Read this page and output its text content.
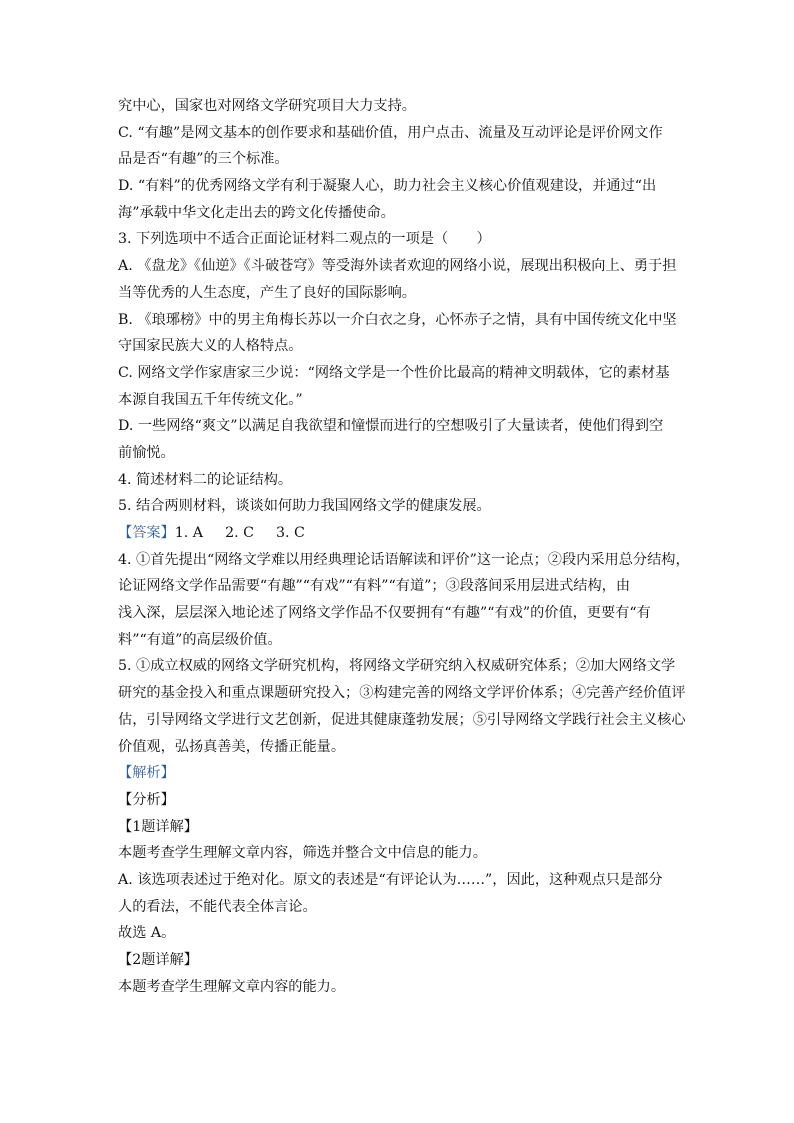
究中心，国家也对网络文学研究项目大力支持。

C. “有趣”是网文基本的创作要求和基础价值，用户点击、流量及互动评论是评价网文作

品是否“有趣”的三个标准。

D. “有料”的优秀网络文学有利于凝聚人心，助力社会主义核心价值观建设，并通过“出

海”承载中华文化走出去的跨文化传播使命。

3. 下列选项中不适合正面论证材料二观点的一项是（　　）

A. 《盘龙》《仙逆》《斗破苍穹》等受海外读者欢迎的网络小说，展现出积极向上、勇于担

当等优秀的人生态度，产生了良好的国际影响。

B. 《琅琊榜》中的男主角梅长苏以一介白衣之身，心怀赤子之情，具有中国传统文化中坚

守国家民族大义的人格特点。

C. 网络文学作家唐家三少说：“网络文学是一个性价比最高的精神文明载体，它的素材基

本源自我国五千年传统文化。”

D. 一些网络“爽文”以满足自我欲望和憧憬而进行的空想吸引了大量读者，使他们得到空

前愉悦。

4. 简述材料二的论证结构。

5. 结合两则材料，谈谈如何助力我国网络文学的健康发展。

【答案】1. A 2. C 3. C

4. ①首先提出“网络文学难以用经典理论话语解读和评价”这一论点；②段内采用总分结构，

论证网络文学作品需要“有趣”“有戏”“有料”“有道”；③段落间采用层进式结构，由

浅入深，层层深入地论述了网络文学作品不仅要拥有“有趣”“有戏”的价值，更要有“有

料”“有道”的高层级价值。

5. ①成立权威的网络文学研究机构，将网络文学研究纳入权威研究体系；②加大网络文学

研究的基金投入和重点课题研究投入；③构建完善的网络文学评价体系；④完善产经价值评

估，引导网络文学进行文艺创新，促进其健康蓬勃发展；⑤引导网络文学践行社会主义核心

价值观，弘扬真善美，传播正能量。

【解析】

【分析】

【1题详解】

本题考查学生理解文章内容，筛选并整合文中信息的能力。

A. 该选项表述过于绝对化。原文的表述是“有评论认为……”，因此，这种观点只是部分

人的看法，不能代表全体言论。

故选 A。

【2题详解】

本题考查学生理解文章内容的能力。
